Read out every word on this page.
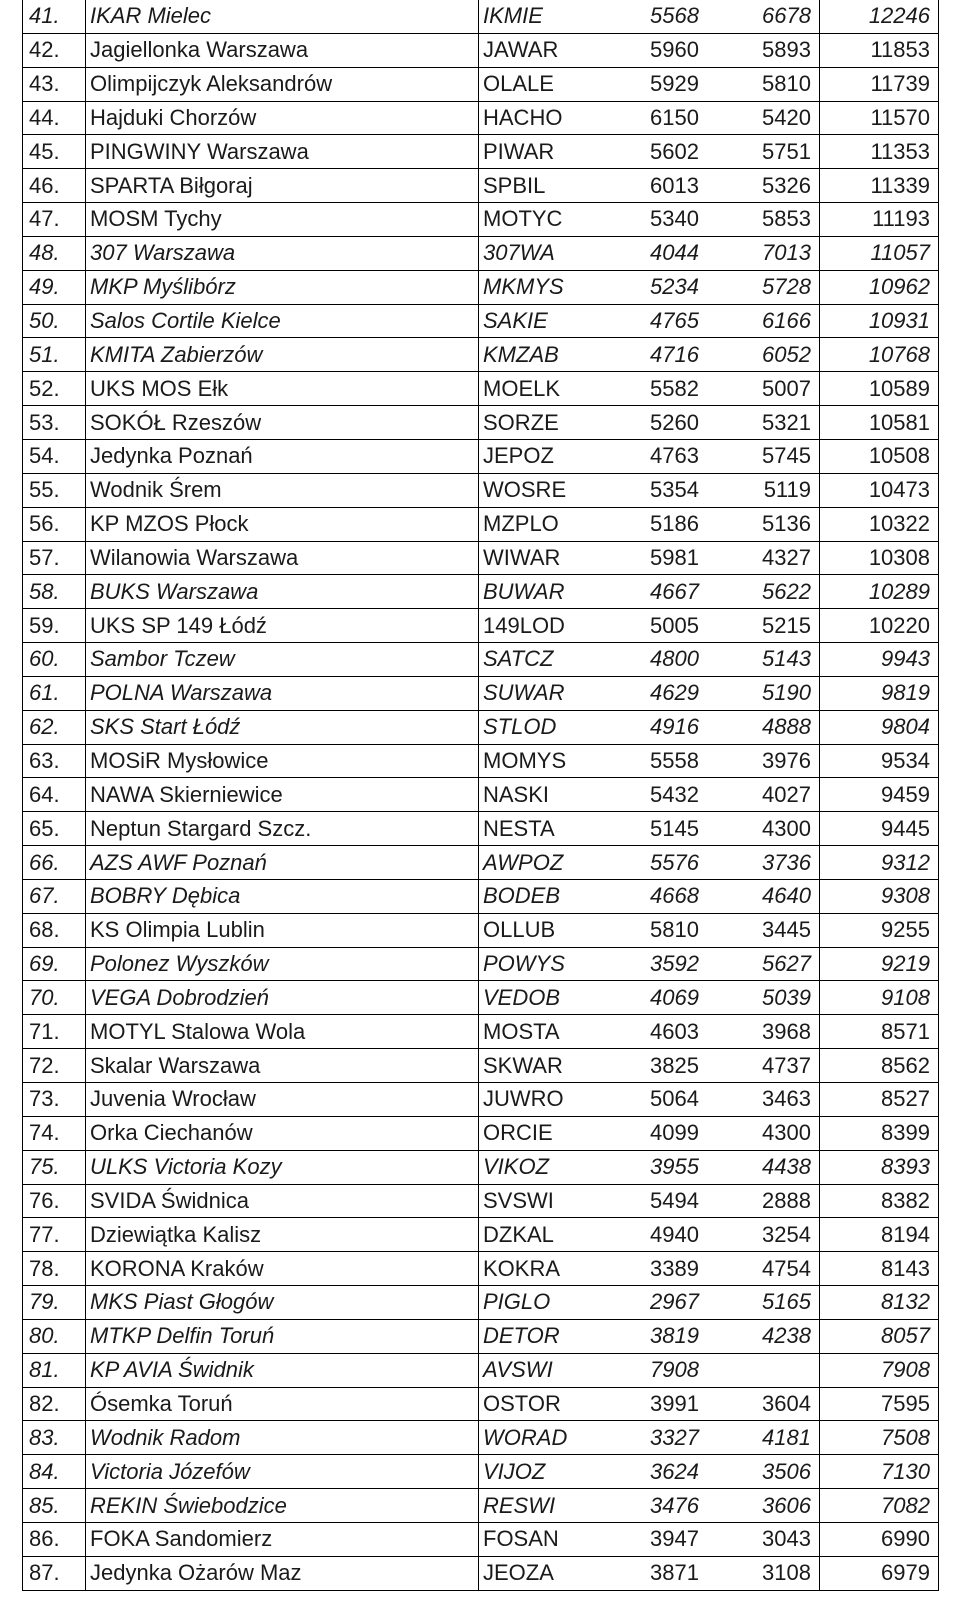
41.	IKAR Mielec	IKMIE	5568	6678	12246
42.	Jagiellonka Warszawa	JAWAR	5960	5893	11853
43.	Olimpijczyk Aleksandrów	OLALE	5929	5810	11739
44.	Hajduki Chorzów	HACHO	6150	5420	11570
45.	PINGWINY Warszawa	PIWAR	5602	5751	11353
46.	SPARTA Biłgoraj	SPBIL	6013	5326	11339
47.	MOSM Tychy	MOTYC	5340	5853	11193
48.	307 Warszawa	307WA	4044	7013	11057
49.	MKP Myślibórz	MKMYS	5234	5728	10962
50.	Salos Cortile Kielce	SAKIE	4765	6166	10931
51.	KMITA Zabierzów	KMZAB	4716	6052	10768
52.	UKS MOS Ełk	MOELK	5582	5007	10589
53.	SOKÓŁ Rzeszów	SORZE	5260	5321	10581
54.	Jedynka Poznań	JEPOZ	4763	5745	10508
55.	Wodnik Śrem	WOSRE	5354	5119	10473
56.	KP MZOS Płock	MZPLO	5186	5136	10322
57.	Wilanowia Warszawa	WIWAR	5981	4327	10308
58.	BUKS Warszawa	BUWAR	4667	5622	10289
59.	UKS SP 149 Łódź	149LOD	5005	5215	10220
60.	Sambor Tczew	SATCZ	4800	5143	9943
61.	POLNA Warszawa	SUWAR	4629	5190	9819
62.	SKS Start Łódź	STLOD	4916	4888	9804
63.	MOSiR Mysłowice	MOMYS	5558	3976	9534
64.	NAWA Skierniewice	NASKI	5432	4027	9459
65.	Neptun Stargard Szcz.	NESTA	5145	4300	9445
66.	AZS AWF Poznań	AWPOZ	5576	3736	9312
67.	BOBRY Dębica	BODEB	4668	4640	9308
68.	KS Olimpia Lublin	OLLUB	5810	3445	9255
69.	Polonez Wyszków	POWYS	3592	5627	9219
70.	VEGA Dobrodzień	VEDOB	4069	5039	9108
71.	MOTYL Stalowa Wola	MOSTA	4603	3968	8571
72.	Skalar Warszawa	SKWAR	3825	4737	8562
73.	Juvenia Wrocław	JUWRO	5064	3463	8527
74.	Orka Ciechanów	ORCIE	4099	4300	8399
75.	ULKS Victoria Kozy	VIKOZ	3955	4438	8393
76.	SVIDA Świdnica	SVSWI	5494	2888	8382
77.	Dziewiątka Kalisz	DZKAL	4940	3254	8194
78.	KORONA Kraków	KOKRA	3389	4754	8143
79.	MKS Piast Głogów	PIGLO	2967	5165	8132
80.	MTKP Delfin Toruń	DETOR	3819	4238	8057
81.	KP AVIA Świdnik	AVSWI	7908		7908
82.	Ósemka Toruń	OSTOR	3991	3604	7595
83.	Wodnik Radom	WORAD	3327	4181	7508
84.	Victoria Józefów	VIJOZ	3624	3506	7130
85.	REKIN Świebodzice	RESWI	3476	3606	7082
86.	FOKA Sandomierz	FOSAN	3947	3043	6990
87.	Jedynka Ożarów Maz	JEOZA	3871	3108	6979
